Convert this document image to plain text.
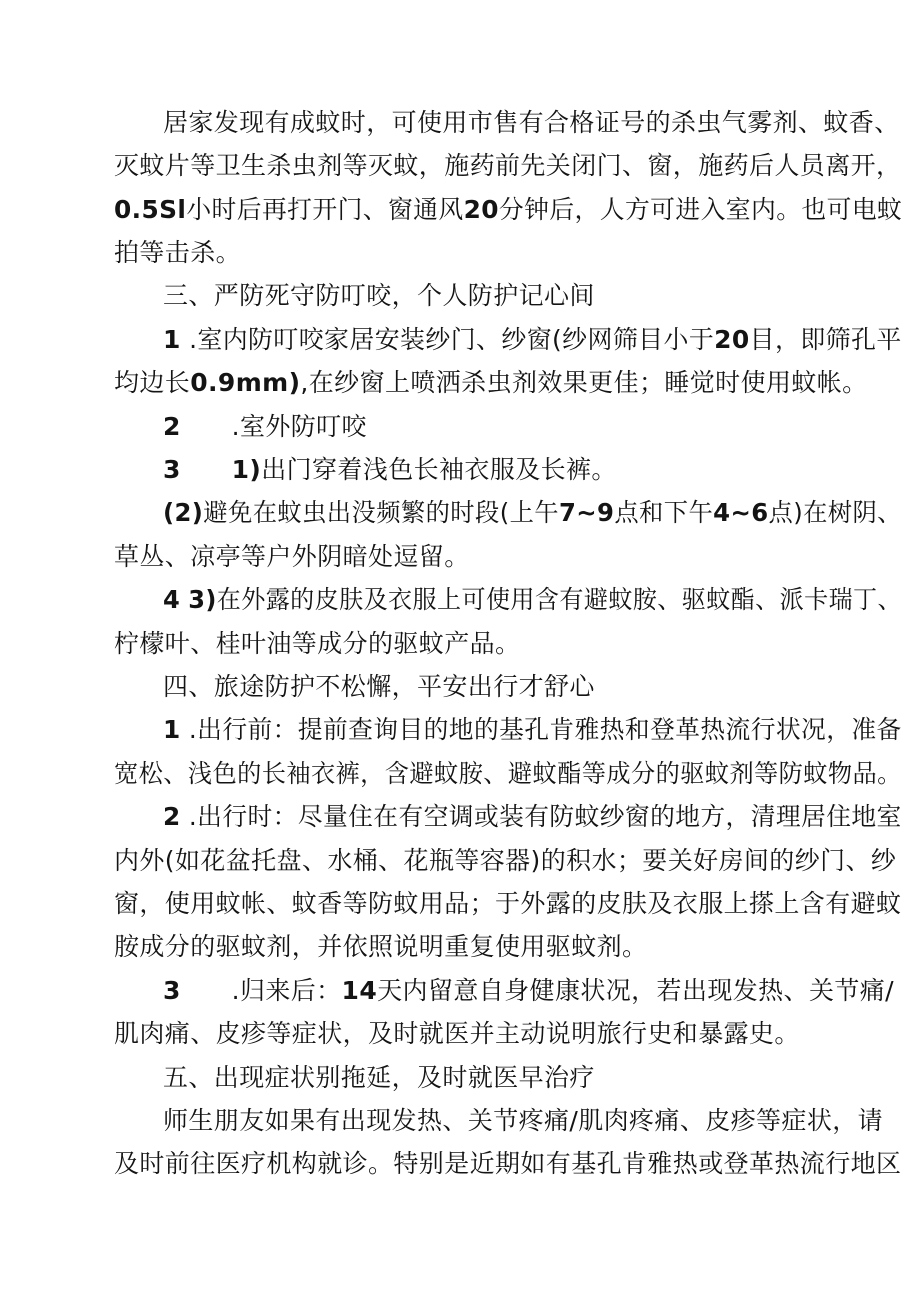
居家发现有成蚊时，可使用市售有合格证号的杀虫气雾剂、蚊香、
灭蚊片等卫生杀虫剂等灭蚊，施药前先关闭门、窗，施药后人员离开，
0.5Sl小时后再打开门、窗通风20分钟后，人方可进入室内。也可电蚊
拍等击杀。
三、严防死守防叮咬，个人防护记心间
1 .室内防叮咬家居安装纱门、纱窗(纱网筛目小于20目，即筛孔平
均边长0.9mm),在纱窗上喷洒杀虫剂效果更佳；睡觉时使用蚊帐。
2　　.室外防叮咬
3　　 1)出门穿着浅色长袖衣服及长裤。
(2)避免在蚊虫出没频繁的时段(上午7~9点和下午4~6点)在树阴、
草丛、凉亭等户外阴暗处逗留。
4 3)在外露的皮肤及衣服上可使用含有避蚊胺、驱蚊酯、派卡瑞丁、
柠檬叶、桂叶油等成分的驱蚊产品。
四、旅途防护不松懈，平安出行才舒心
1 .出行前：提前查询目的地的基孔肯雅热和登革热流行状况，准备
宽松、浅色的长袖衣裤，含避蚊胺、避蚊酯等成分的驱蚊剂等防蚊物品。
2 .出行时：尽量住在有空调或装有防蚊纱窗的地方，清理居住地室
内外(如花盆托盘、水桶、花瓶等容器)的积水；要关好房间的纱门、纱
窗，使用蚊帐、蚊香等防蚊用品；于外露的皮肤及衣服上搽上含有避蚊
胺成分的驱蚊剂，并依照说明重复使用驱蚊剂。
3　　.归来后：14天内留意自身健康状况，若出现发热、关节痛/
肌肉痛、皮疹等症状，及时就医并主动说明旅行史和暴露史。
五、出现症状别拖延，及时就医早治疗
师生朋友如果有出现发热、关节疼痛/肌肉疼痛、皮疹等症状，请
及时前往医疗机构就诊。特别是近期如有基孔肯雅热或登革热流行地区
